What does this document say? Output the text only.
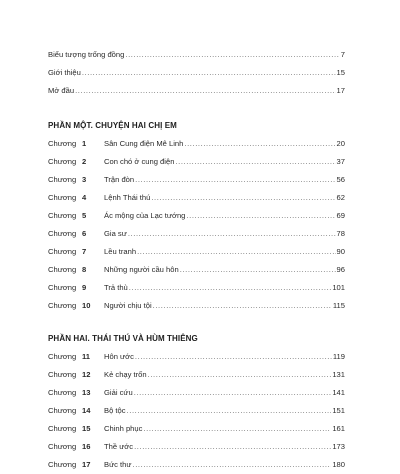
Biểu tượng trống đồng .....	7
Giới thiệu .....	15
Mở đầu .....	17
PHẦN MỘT. CHUYỆN HAI CHỊ EM
Chương 1	Sân Cung điện Mê Linh .....	20
Chương 2	Con chó ở cung điện .....	37
Chương 3	Trận đòn .....	56
Chương 4	Lệnh Thái thú .....	62
Chương 5	Ác mộng của Lạc tướng .....	69
Chương 6	Gia sư .....	78
Chương 7	Lều tranh .....	90
Chương 8	Những người cầu hôn .....	96
Chương 9	Trả thù .....	101
Chương 10	Người chịu tội .....	115
PHẦN HAI. THÁI THÚ VÀ HÙM THIÊNG
Chương 11	Hôn ước .....	119
Chương 12	Kẻ chạy trốn .....	131
Chương 13	Giải cứu .....	141
Chương 14	Bộ tộc .....	151
Chương 15	Chinh phục .....	161
Chương 16	Thề ước .....	173
Chương 17	Bức thư .....	180
